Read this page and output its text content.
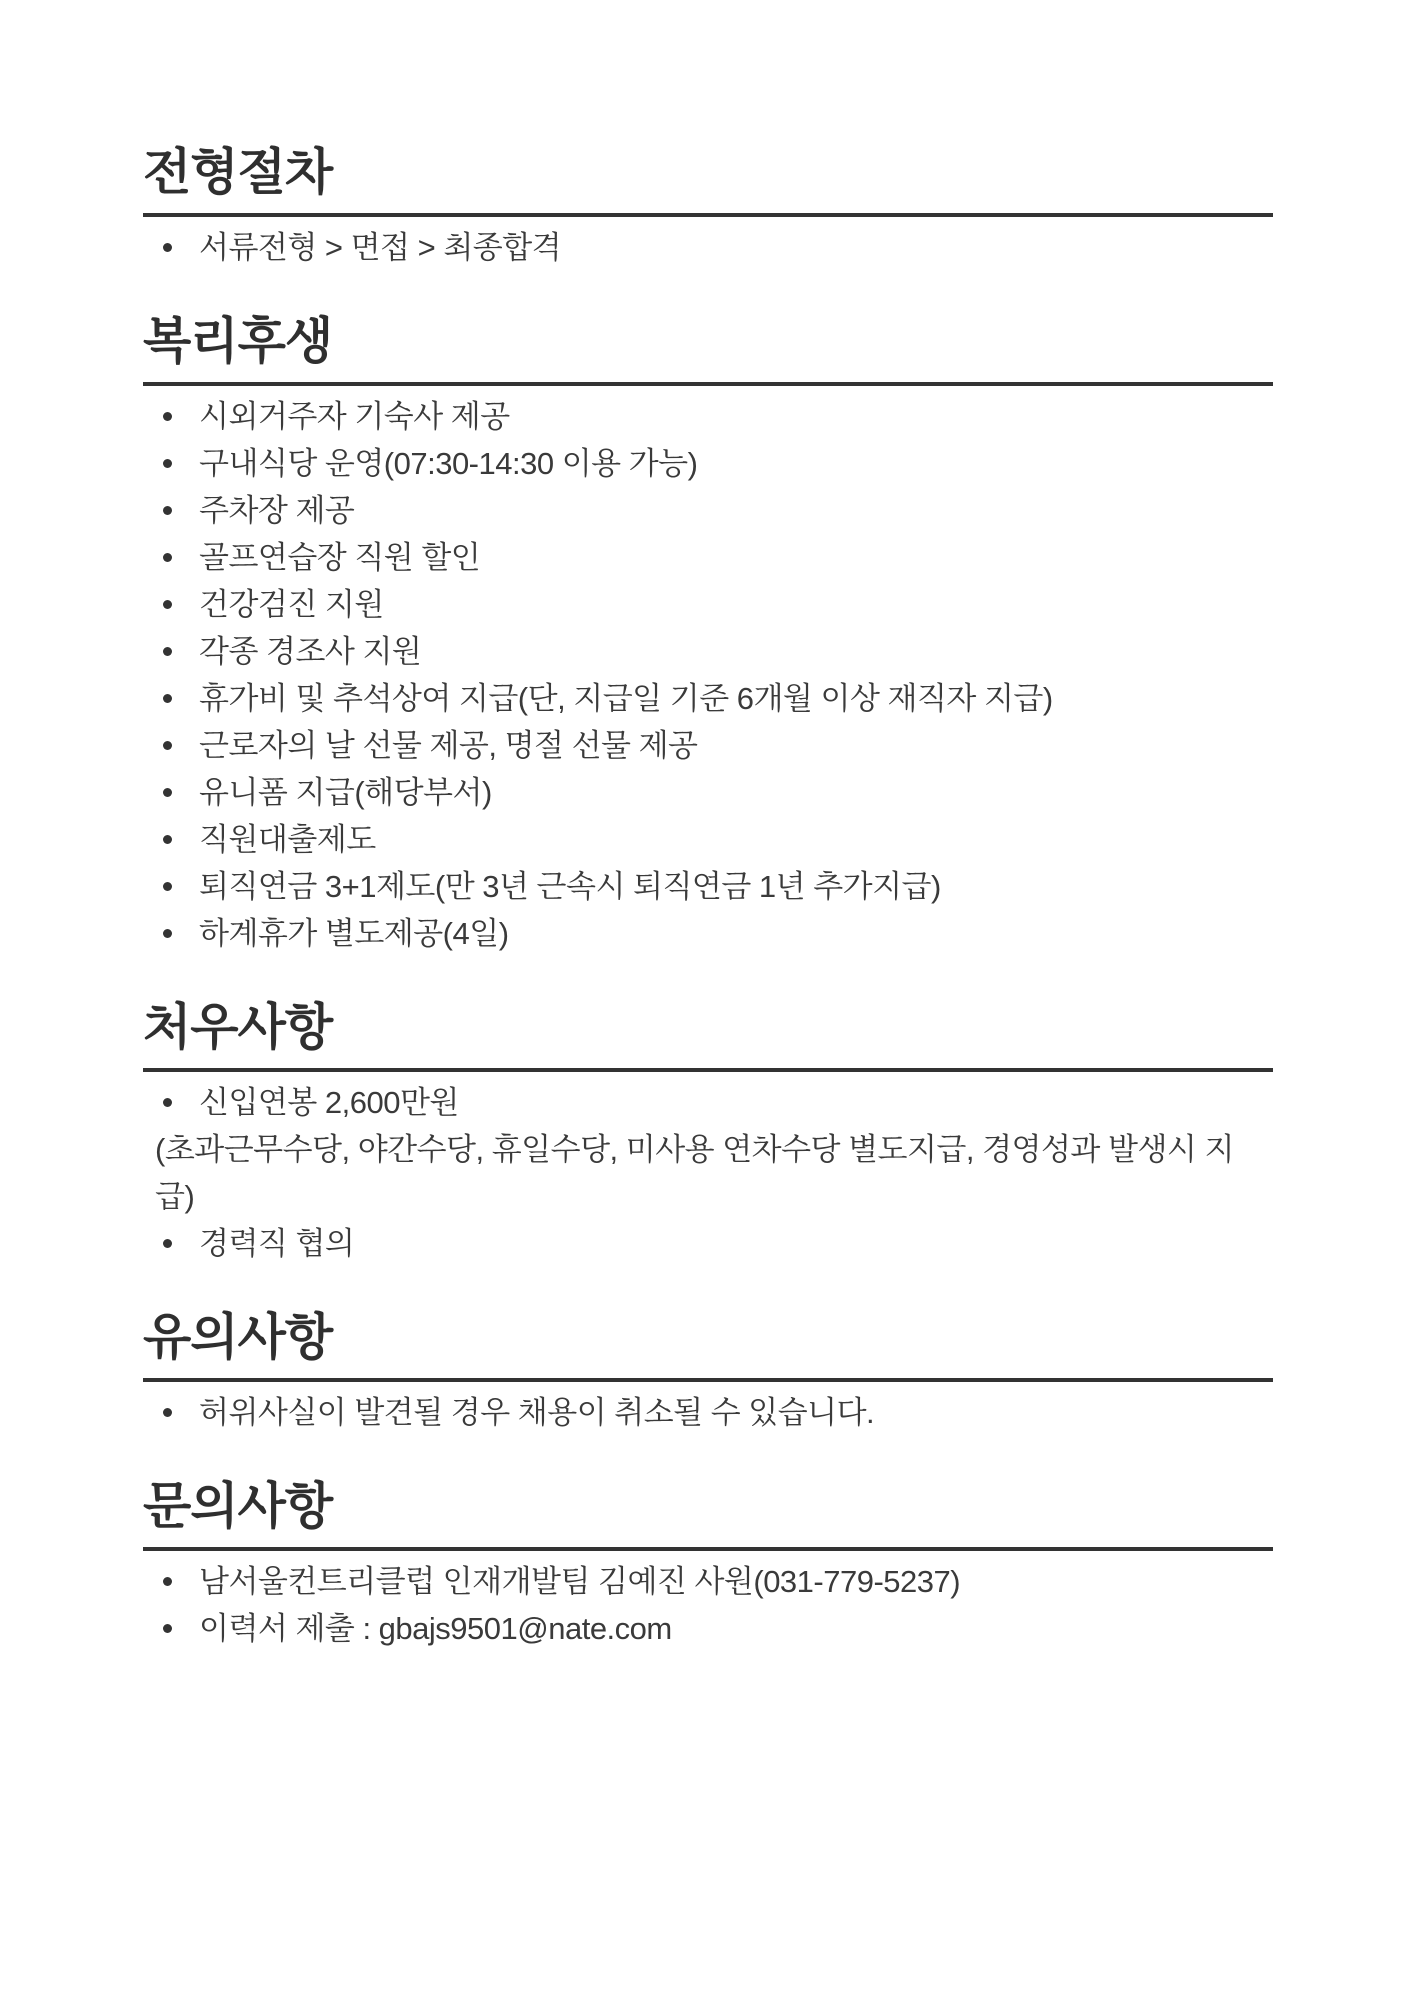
전형절차
서류전형 > 면접 > 최종합격
복리후생
시외거주자 기숙사 제공
구내식당 운영(07:30-14:30 이용 가능)
주차장 제공
골프연습장 직원 할인
건강검진 지원
각종 경조사 지원
휴가비 및 추석상여 지급(단, 지급일 기준 6개월 이상 재직자 지급)
근로자의 날 선물 제공, 명절 선물 제공
유니폼 지급(해당부서)
직원대출제도
퇴직연금 3+1제도(만 3년 근속시 퇴직연금 1년 추가지급)
하계휴가 별도제공(4일)
처우사항
신입연봉 2,600만원
(초과근무수당, 야간수당, 휴일수당, 미사용 연차수당 별도지급, 경영성과 발생시 지급)
경력직 협의
유의사항
허위사실이 발견될 경우 채용이 취소될 수 있습니다.
문의사항
남서울컨트리클럽 인재개발팀 김예진 사원(031-779-5237)
이력서 제출 : gbajs9501@nate.com
